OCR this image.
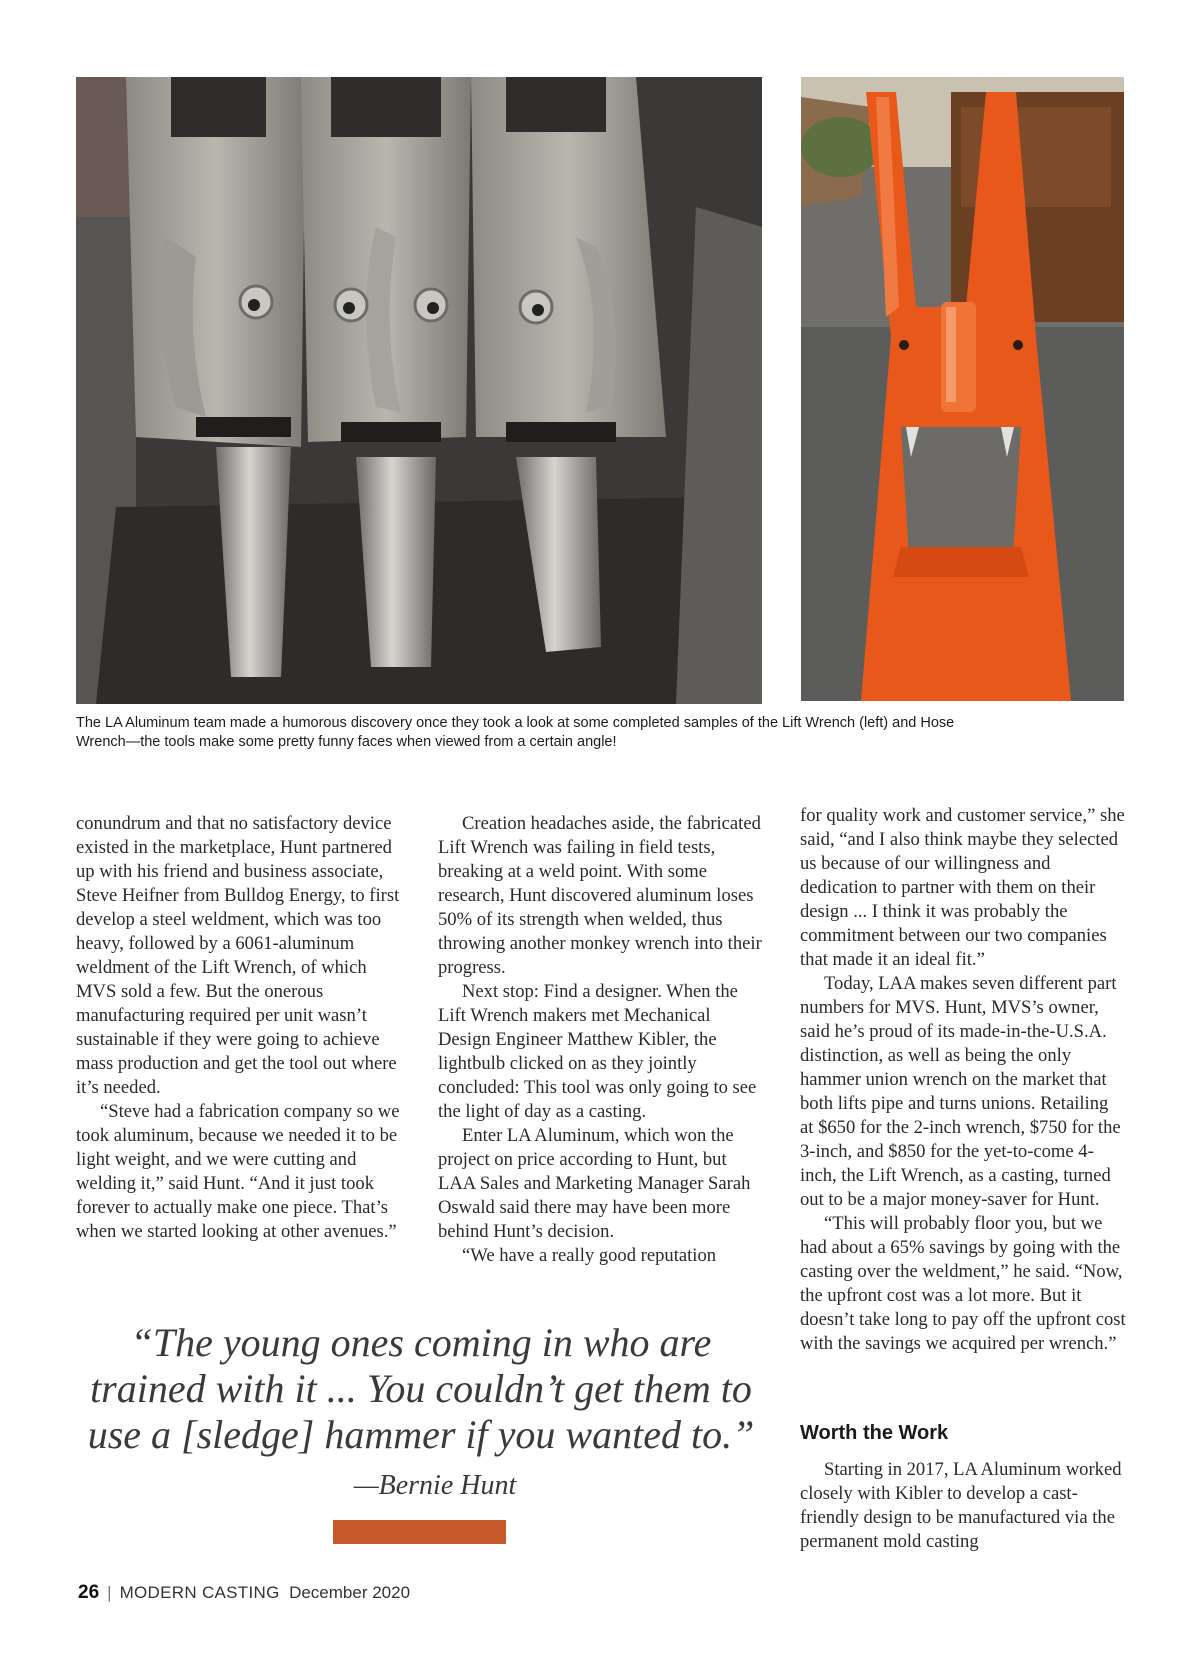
The LA Aluminum team made a humorous discovery once they took a look at some completed samples of the Lift Wrench (left) and Hose
Wrench—the tools make some pretty funny faces when viewed from a certain angle!

conundrum and that no satisfactory device existed in the marketplace, Hunt partnered up with his friend and business associate, Steve Heifner from Bulldog Energy, to first develop a steel weldment, which was too heavy, followed by a 6061-aluminum weldment of the Lift Wrench, of which MVS sold a few. But the onerous manufacturing required per unit wasn’t sustainable if they were going to achieve mass production and get the tool out where it’s needed.

“Steve had a fabrication company so we took aluminum, because we needed it to be light weight, and we were cutting and welding it,” said Hunt. “And it just took forever to actually make one piece. That’s when we started looking at other avenues.”

Creation headaches aside, the fabricated Lift Wrench was failing in field tests, breaking at a weld point. With some research, Hunt discovered aluminum loses 50% of its strength when welded, thus throwing another monkey wrench into their progress.

Next stop: Find a designer. When the Lift Wrench makers met Mechanical Design Engineer Matthew Kibler, the lightbulb clicked on as they jointly concluded: This tool was only going to see the light of day as a casting.

Enter LA Aluminum, which won the project on price according to Hunt, but LAA Sales and Marketing Manager Sarah Oswald said there may have been more behind Hunt’s decision.

“We have a really good reputation

for quality work and customer service,” she said, “and I also think maybe they selected us because of our willingness and dedication to partner with them on their design ... I think it was probably the commitment between our two companies that made it an ideal fit.”

Today, LAA makes seven different part numbers for MVS. Hunt, MVS’s owner, said he’s proud of its made-in-the-U.S.A. distinction, as well as being the only hammer union wrench on the market that both lifts pipe and turns unions. Retailing at $650 for the 2-inch wrench, $750 for the 3-inch, and $850 for the yet-to-come 4-inch, the Lift Wrench, as a casting, turned out to be a major money-saver for Hunt.

“This will probably floor you, but we had about a 65% savings by going with the casting over the weldment,” he said. “Now, the upfront cost was a lot more. But it doesn’t take long to pay off the upfront cost with the savings we acquired per wrench.”

Worth the Work

Starting in 2017, LA Aluminum worked closely with Kibler to develop a cast-friendly design to be manufactured via the permanent mold casting

“The young ones coming in who are trained with it ... You couldn’t get them to use a [sledge] hammer if you wanted to.”
—Bernie Hunt
26 | MODERN CASTING December 2020
